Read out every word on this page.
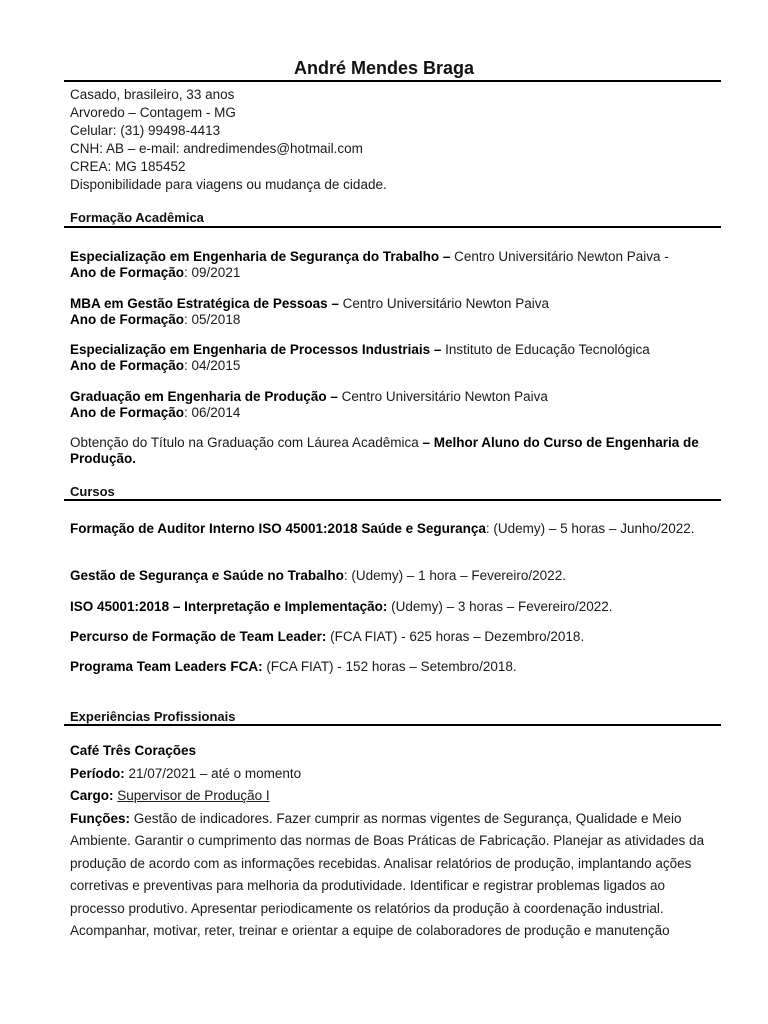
André Mendes Braga
Casado, brasileiro, 33 anos
Arvoredo – Contagem - MG
Celular: (31) 99498-4413
CNH: AB – e-mail: andredimendes@hotmail.com
CREA: MG 185452
Disponibilidade para viagens ou mudança de cidade.
Formação Acadêmica
Especialização em Engenharia de Segurança do Trabalho – Centro Universitário Newton Paiva -
Ano de Formação: 09/2021
MBA em Gestão Estratégica de Pessoas – Centro Universitário Newton Paiva
Ano de Formação: 05/2018
Especialização em Engenharia de Processos Industriais – Instituto de Educação Tecnológica
Ano de Formação: 04/2015
Graduação em Engenharia de Produção – Centro Universitário Newton Paiva
Ano de Formação: 06/2014
Obtenção do Título na Graduação com Láurea Acadêmica – Melhor Aluno do Curso de Engenharia de Produção.
Cursos
Formação de Auditor Interno ISO 45001:2018 Saúde e Segurança: (Udemy) – 5 horas – Junho/2022.
Gestão de Segurança e Saúde no Trabalho: (Udemy) – 1 hora – Fevereiro/2022.
ISO 45001:2018 – Interpretação e Implementação: (Udemy) – 3 horas – Fevereiro/2022.
Percurso de Formação de Team Leader: (FCA FIAT) - 625 horas – Dezembro/2018.
Programa Team Leaders FCA: (FCA FIAT) - 152 horas – Setembro/2018.
Experiências Profissionais
Café Três Corações
Período: 21/07/2021 – até o momento
Cargo: Supervisor de Produção I
Funções: Gestão de indicadores. Fazer cumprir as normas vigentes de Segurança, Qualidade e Meio Ambiente. Garantir o cumprimento das normas de Boas Práticas de Fabricação. Planejar as atividades da produção de acordo com as informações recebidas. Analisar relatórios de produção, implantando ações corretivas e preventivas para melhoria da produtividade. Identificar e registrar problemas ligados ao processo produtivo. Apresentar periodicamente os relatórios da produção à coordenação industrial. Acompanhar, motivar, reter, treinar e orientar a equipe de colaboradores de produção e manutenção
